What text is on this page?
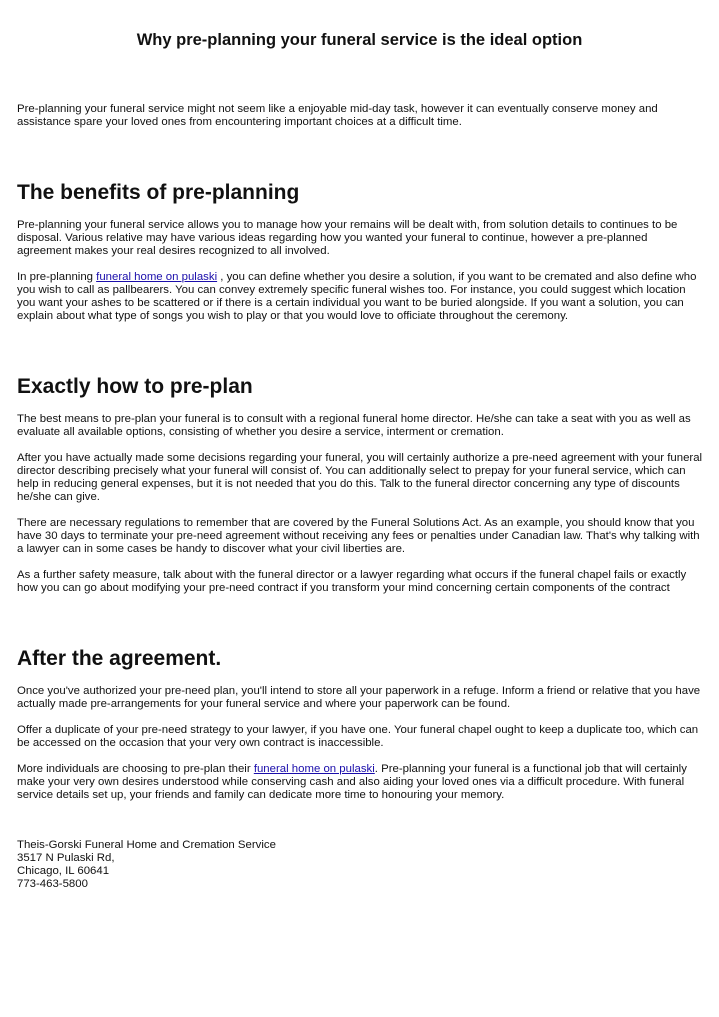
Why pre-planning your funeral service is the ideal option

Pre-planning your funeral service might not seem like a enjoyable mid-day task, however it can eventually conserve money and assistance spare your loved ones from encountering important choices at a difficult time.

The benefits of pre-planning

Pre-planning your funeral service allows you to manage how your remains will be dealt with, from solution details to continues to be disposal. Various relative may have various ideas regarding how you wanted your funeral to continue, however a pre-planned agreement makes your real desires recognized to all involved.

In pre-planning funeral home on pulaski , you can define whether you desire a solution, if you want to be cremated and also define who you wish to call as pallbearers. You can convey extremely specific funeral wishes too. For instance, you could suggest which location you want your ashes to be scattered or if there is a certain individual you want to be buried alongside. If you want a solution, you can explain about what type of songs you wish to play or that you would love to officiate throughout the ceremony.

Exactly how to pre-plan

The best means to pre-plan your funeral is to consult with a regional funeral home director. He/she can take a seat with you as well as evaluate all available options, consisting of whether you desire a service, interment or cremation.

After you have actually made some decisions regarding your funeral, you will certainly authorize a pre-need agreement with your funeral director describing precisely what your funeral will consist of. You can additionally select to prepay for your funeral service, which can help in reducing general expenses, but it is not needed that you do this. Talk to the funeral director concerning any type of discounts he/she can give.

There are necessary regulations to remember that are covered by the Funeral Solutions Act. As an example, you should know that you have 30 days to terminate your pre-need agreement without receiving any fees or penalties under Canadian law. That's why talking with a lawyer can in some cases be handy to discover what your civil liberties are.

As a further safety measure, talk about with the funeral director or a lawyer regarding what occurs if the funeral chapel fails or exactly how you can go about modifying your pre-need contract if you transform your mind concerning certain components of the contract

After the agreement.

Once you've authorized your pre-need plan, you'll intend to store all your paperwork in a refuge. Inform a friend or relative that you have actually made pre-arrangements for your funeral service and where your paperwork can be found.

Offer a duplicate of your pre-need strategy to your lawyer, if you have one. Your funeral chapel ought to keep a duplicate too, which can be accessed on the occasion that your very own contract is inaccessible.

More individuals are choosing to pre-plan their funeral home on pulaski. Pre-planning your funeral is a functional job that will certainly make your very own desires understood while conserving cash and also aiding your loved ones via a difficult procedure. With funeral service details set up, your friends and family can dedicate more time to honouring your memory.

Theis-Gorski Funeral Home and Cremation Service
3517 N Pulaski Rd,
Chicago, IL 60641
773-463-5800
